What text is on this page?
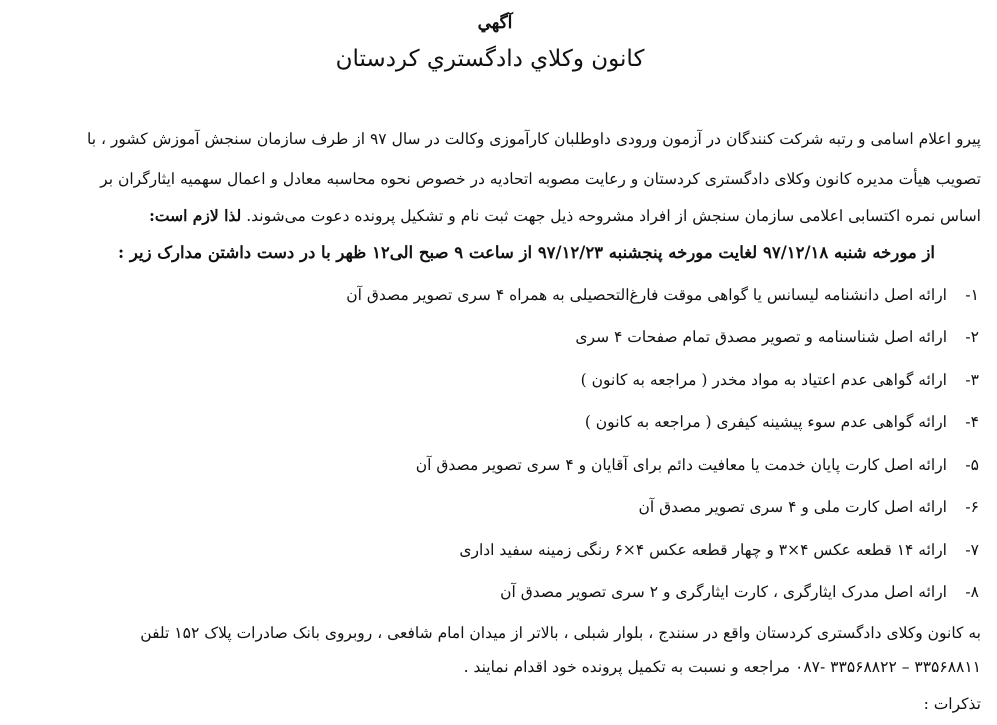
آگهي
كانون وكلاي دادگستري كردستان
پیرو اعلام اسامی و رتبه شرکت کنندگان در آزمون ورودی داوطلبان کارآموزی وکالت در سال ۹۷ از طرف سازمان سنجش آموزش کشور ، با
تصویب هیأت مدیره کانون وکلای دادگستری کردستان و رعایت مصوبه اتحادیه در خصوص نحوه محاسبه معادل و اعمال سهمیه ایثارگران بر
اساس نمره اکتسابی اعلامی سازمان سنجش از افراد مشروحه ذیل جهت ثبت نام و تشکیل پرونده دعوت می‌شوند. لذا لازم است:
از مورخه شنبه ۹۷/۱۲/۱۸ لغایت مورخه پنجشنبه ۹۷/۱۲/۲۳ از ساعت ۹ صبح الی۱۲ ظهر با در دست داشتن مدارک زیر :
۱-ارائه اصل دانشنامه لیسانس یا گواهی موقت فارغ‌التحصیلی به همراه ۴ سری تصویر مصدق آن
۲-ارائه اصل شناسنامه و تصویر مصدق تمام صفحات ۴ سری
۳-ارائه گواهی عدم اعتیاد به مواد مخدر ( مراجعه به کانون )
۴-ارائه گواهی عدم سوء پیشینه کیفری ( مراجعه به کانون )
۵-ارائه اصل کارت پایان خدمت یا معافیت دائم برای آقایان و ۴ سری تصویر مصدق آن
۶-ارائه اصل کارت ملی و ۴ سری تصویر مصدق آن
۷-ارائه ۱۴ قطعه عکس ۴×۳ و چهار قطعه عکس ۴×۶ رنگی زمینه سفید اداری
۸-ارائه اصل مدرک ایثارگری ، کارت ایثارگری و ۲ سری تصویر مصدق آن
به کانون وکلای دادگستری کردستان واقع در سنندج ، بلوار شبلی ، بالاتر از میدان امام شافعی ، روبروی بانک صادرات پلاک ۱۵۲ تلفن
۳۳۵۶۸۸۱۱ – ۳۳۵۶۸۸۲۲ -۰۸۷ مراجعه و نسبت به تکمیل پرونده خود اقدام نمایند .
تذکرات :
